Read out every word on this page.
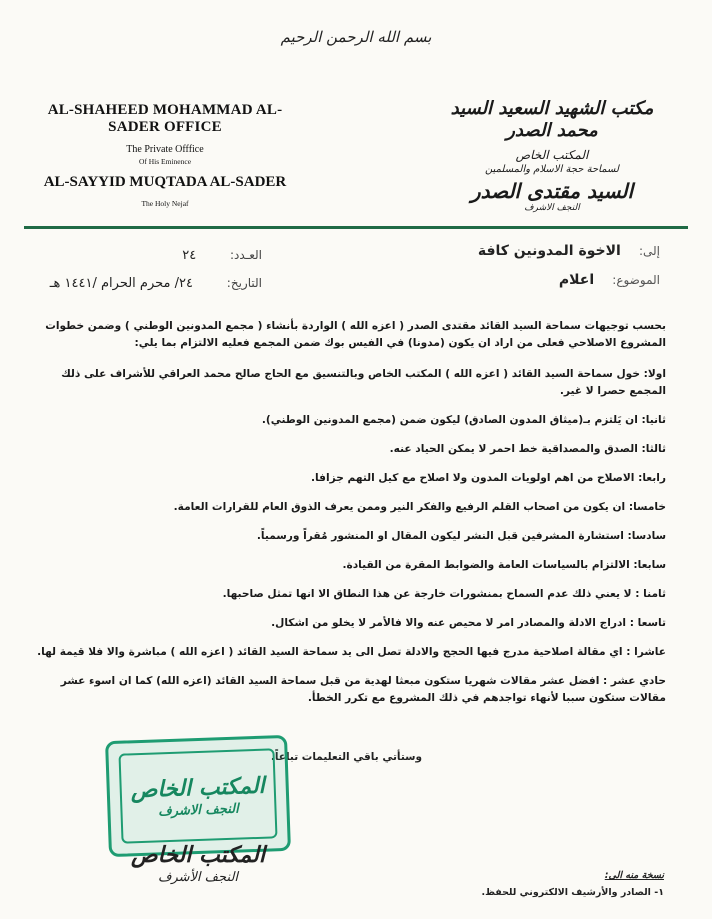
بسم الله الرحمن الرحيم
مكتب الشهيد السعيد السيد محمد الصدر
المكتب الخاص
لسماحة حجة الاسلام والمسلمين
السيد مقتدى الصدر
النجف الاشرف
AL-SHAHEED MOHAMMAD AL-SADER OFFICE
The Private Offfice
Of His Eminence
AL-SAYYID MUQTADA AL-SADER
The Holy Nejaf
إلى: الاخوة المدونين كافة
الموضوع: اعلام
العـدد: ٢٤
التاريخ: ٢٤/ محرم الحرام /١٤٤١ هـ

بحسب توجيهات سماحة السيد القائد مقتدى الصدر ( اعزه الله ) الواردة بأنشاء ( مجمع المدونين الوطني ) وضمن خطوات المشروع الاصلاحي فعلى من اراد ان يكون (مدونا) في الفيس بوك ضمن المجمع فعليه الالتزام بما يلي:

اولا: خول سماحة السيد القائد ( اعزه الله ) المكتب الخاص وبالتنسيق مع الحاج صالح محمد العراقي للأشراف على ذلك المجمع حصرا لا غير.

ثانيا: ان يَلتزم بـ(ميثاق المدون الصادق) ليكون ضمن (مجمع المدونين الوطني).

ثالثا: الصدق والمصداقية خط احمر لا يمكن الحياد عنه.

رابعا: الاصلاح من اهم اولويات المدون ولا اصلاح مع كيل التهم جزافا.

خامسا: ان يكون من اصحاب القلم الرفيع والفكر النير وممن يعرف الذوق العام للقرارات العامة.

سادسا: استشارة المشرفين قبل النشر ليكون المقال او المنشور مُقراً ورسمياً.

سابعا: الالتزام بالسياسات العامة والضوابط المقرة من القيادة.

ثامنا : لا يعني ذلك عدم السماح بمنشورات خارجة عن هذا النطاق الا انها تمثل صاحبها.

تاسعا : ادراج الادلة والمصادر امر لا محيص عنه والا فالأمر لا يخلو من اشكال.

عاشرا : اي مقالة اصلاحية مدرج فيها الحجج والادلة تصل الى يد سماحة السيد القائد ( اعزه الله ) مباشرة والا فلا قيمة لها.

حادي عشر : افضل عشر مقالات شهريا ستكون مبعثا لهدية من قبل سماحة السيد القائد (اعزه الله) كما ان اسوء عشر مقالات ستكون سببا لأنهاء تواجدهم في ذلك المشروع مع تكرر الخطأ.

وستأتي باقي التعليمات تباعاً.
المكتب الخاص
النجف الاشرف
المكتب الخاص
النجف الأشرف	نسخة منه الى:
١- الصادر والأرشيف الالكتروني للحفظ.
